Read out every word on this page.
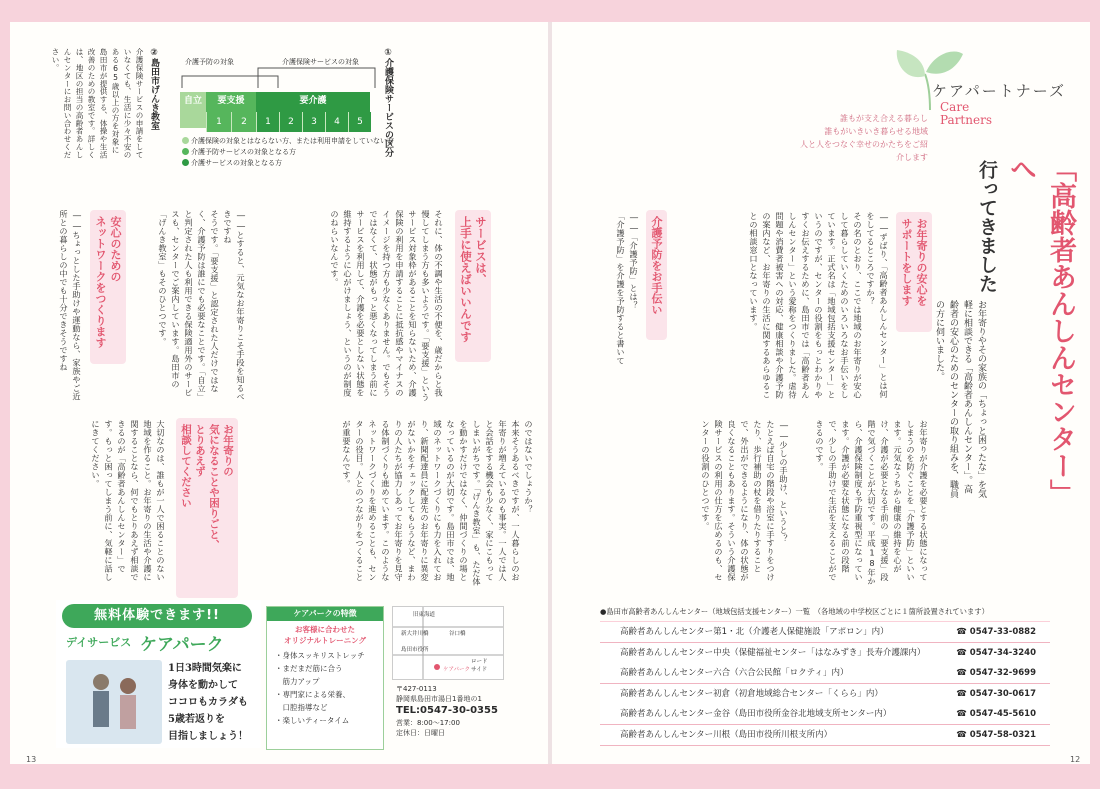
ケアパートナーズ
Care
Partners
誰もが支え合える暮らし
誰もがいきいき暮らせる地域
人と人をつなぐ幸せのかたちをご紹介します	「高齢者あんしんセンター」へ
行ってきました
お年寄りやその家族の「ちょっと困ったな」を気軽に相談できる「高齢者あんしんセンター」。高齢者の安心のためのセンターの取り組みを、職員の方に伺いました。
お年寄りの安心を
サポートをします
――ずばり、「高齢者あんしんセンター」とは何をしてるところですか？
その名のとおり、ここでは地域のお年寄りが安心して暮らしていくためのいろいろなお手伝いをしています。正式名は「地域包括支援センター」というのですが、センターの役割をもっとわかりやすくお伝えするために、島田市では「高齢者あんしんセンター」という愛称をつくりました。虐待問題や消費者被害への対応、健康相談や介護予防の案内など、お年寄りの生活に関するあらゆることの相談窓口となっています。
介護予防をお手伝い
――「介護予防」とは？
「介護予防」を介護を予防すると書いて
お年寄りが介護を必要とする状態になってしまうのを防ぐことを「介護予防」といいます。元気なうちから健康の維持を心がけ、介護が必要となる手前の「要支援」段階で気づくことが大切です。平成18年から、介護保険制度も予防重視型になっています。介護が必要な状態になる前の段階で、少しの手助けで生活を支えることができるのです。
――少しの手助け、というと？
たとえば自宅の階段や浴室に手すりをつけたり、歩行補助の杖を借りたりすることで、外出ができるようになり、体の状態が良くなることもあります。そういう介護保険サービスの利用の仕方を広めるのも、センターの役割のひとつです。
●島田市高齢者あんしんセンター（地域包括支援センター）一覧　（各地域の中学校区ごとに１箇所設置されています）
高齢者あんしんセンター第1・北（介護老人保健施設「アポロン」内）	☎ 0547-33-0882
高齢者あんしんセンター中央（保健福祉センター「はなみずき」長寿介護課内）	☎ 0547-34-3240
高齢者あんしんセンター六合（六合公民館「ロクティ」内）	☎ 0547-32-9699
高齢者あんしんセンター初倉（初倉地域総合センター「くらら」内）	☎ 0547-30-0617
高齢者あんしんセンター金谷（島田市役所金谷北地域支所センター内）	☎ 0547-45-5610
高齢者あんしんセンター川根（島田市役所川根支所内）	☎ 0547-58-0321
12
①介護保険サービスの区分
介護予防の対象	介護保険サービスの対象
自立	要支援	要介護
1	2	1	2	3	4	5
介護保険の対象とはならない方、または利用申請をしていない方
介護予防サービスの対象となる方
介護サービスの対象となる方
②島田市げんき教室
介護保険サービスの申請をしていなくても、生活に少々不安のある65歳以上の方を対象に島田市が提供する、体操や生活改善のための教室です。詳しくは、地区の担当の高齢者あんしんセンターにお問い合わせください。
サービスは、
上手に使えばいいんです
それに、体の不調や生活の不便を、歳だからと我慢してしまう方も多いようです。「要支援」というサービス対象枠があることを知らないため、介護保険の利用を申請することに抵抗感やマイナスのイメージを持つ方も少なくありません。でもそうではなくて、状態がもっと悪くなってしまう前にサービスを利用して、介護を必要としない状態を維持するように心がけましょう、というのが制度のねらいなんです。
――とすると、元気なお年寄りこそ手段を知るべきですね
そうです。「要支援」と認定された人だけではなく、介護予防は誰にでも必要なことです。「自立」と判定された人も利用できる保険適用外のサービスも、センターでご案内しています。島田市の「げんき教室」もそのひとつです。
安心のための
ネットワークをつくります
――ちょっとした手助けや運動なら、家族やご近所との暮らしの中でも十分できそうですね
のではないでしょうか？
本来そうあるべきですが、一人暮らしのお年寄りが増えているのも事実。一人では人と会話をする機会も少なく、家にこもってしまいがちです。「げんき教室」も、ただ体を動かすだけではなく、仲間づくりの場となっているのが大切です。島田市では、地域のネットワークづくりにも力を入れており、新聞配達員に配達先のお年寄りに異変がないかをチェックしてもらうなど、まわりの人たちが協力しあってお年寄りを見守る体制づくりも進めています。このようなネットワークづくりを進めることも、センターの役目。人とのつながりをつくることが重要なんです。
お年寄りの
気になることや困りごと、
とりあえず
相談してください
大切なのは、誰もが一人で困ることのない地域を作ること。お年寄りの生活や介護に関することなら、何でもとりあえず相談できるのが「高齢者あんしんセンター」です。もっと困ってしまう前に、気軽に話しにきてください。
無料体験できます!!
デイサービス ケアパーク
1日3時間気楽に
身体を動かして
ココロもカラダも
5歳若返りを
目指しましょう！
ケアパークの特徴
お客様に合わせた
オリジナルトレーニング
・身体スッキリストレッチ
・まだまだ筋に合う
　筋力アップ
・専門家による栄養、
　口腔指導など
・楽しいティータイム
旧東海道
新大井川橋	谷口橋
島田市役所
ケアパーク
ロード
サイド
〒427-0113
静岡県島田市湯日1番地の1
TEL:0547-30-0355
営業：8:00〜17:00
定休日：日曜日
13
